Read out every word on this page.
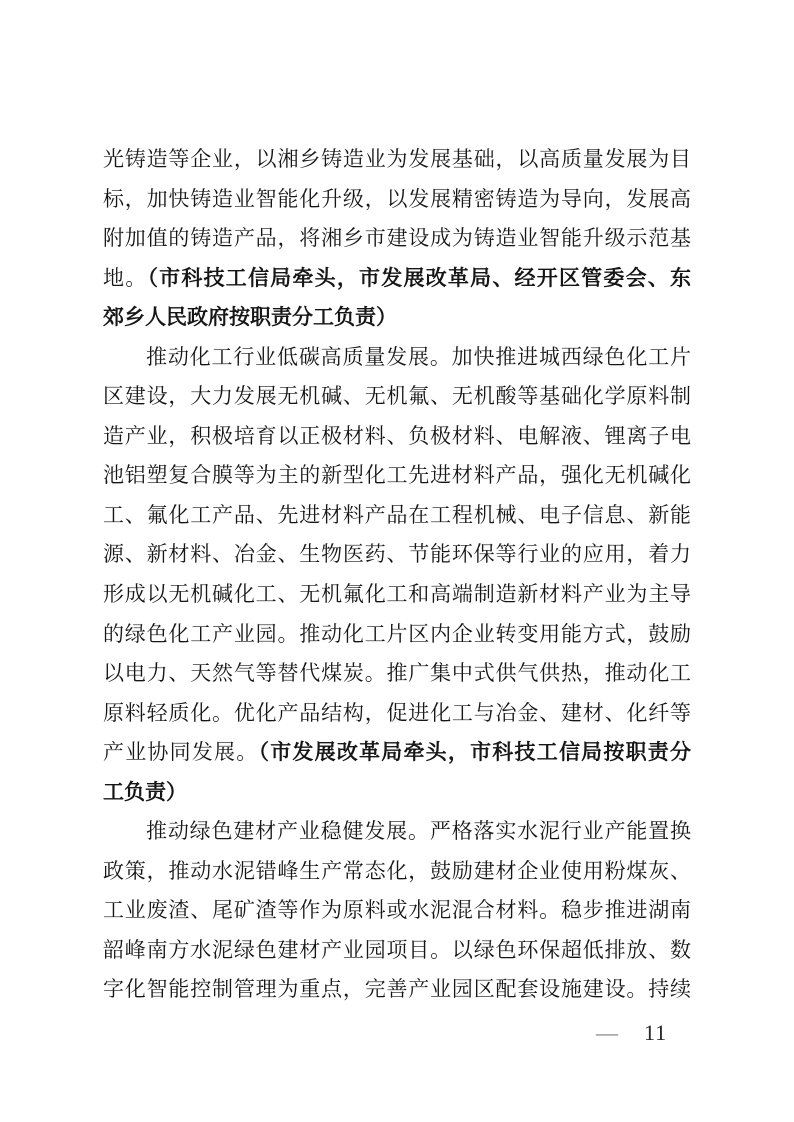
光铸造等企业，以湘乡铸造业为发展基础，以高质量发展为目
标，加快铸造业智能化升级，以发展精密铸造为导向，发展高
附加值的铸造产品，将湘乡市建设成为铸造业智能升级示范基
地。（市科技工信局牵头，市发展改革局、经开区管委会、东
郊乡人民政府按职责分工负责）
推动化工行业低碳高质量发展。加快推进城西绿色化工片
区建设，大力发展无机碱、无机氟、无机酸等基础化学原料制
造产业，积极培育以正极材料、负极材料、电解液、锂离子电
池铝塑复合膜等为主的新型化工先进材料产品，强化无机碱化
工、氟化工产品、先进材料产品在工程机械、电子信息、新能
源、新材料、冶金、生物医药、节能环保等行业的应用，着力
形成以无机碱化工、无机氟化工和高端制造新材料产业为主导
的绿色化工产业园。推动化工片区内企业转变用能方式，鼓励
以电力、天然气等替代煤炭。推广集中式供气供热，推动化工
原料轻质化。优化产品结构，促进化工与冶金、建材、化纤等
产业协同发展。（市发展改革局牵头，市科技工信局按职责分
工负责）
推动绿色建材产业稳健发展。严格落实水泥行业产能置换
政策，推动水泥错峰生产常态化，鼓励建材企业使用粉煤灰、
工业废渣、尾矿渣等作为原料或水泥混合材料。稳步推进湖南
韶峰南方水泥绿色建材产业园项目。以绿色环保超低排放、数
字化智能控制管理为重点，完善产业园区配套设施建设。持续
— 11
